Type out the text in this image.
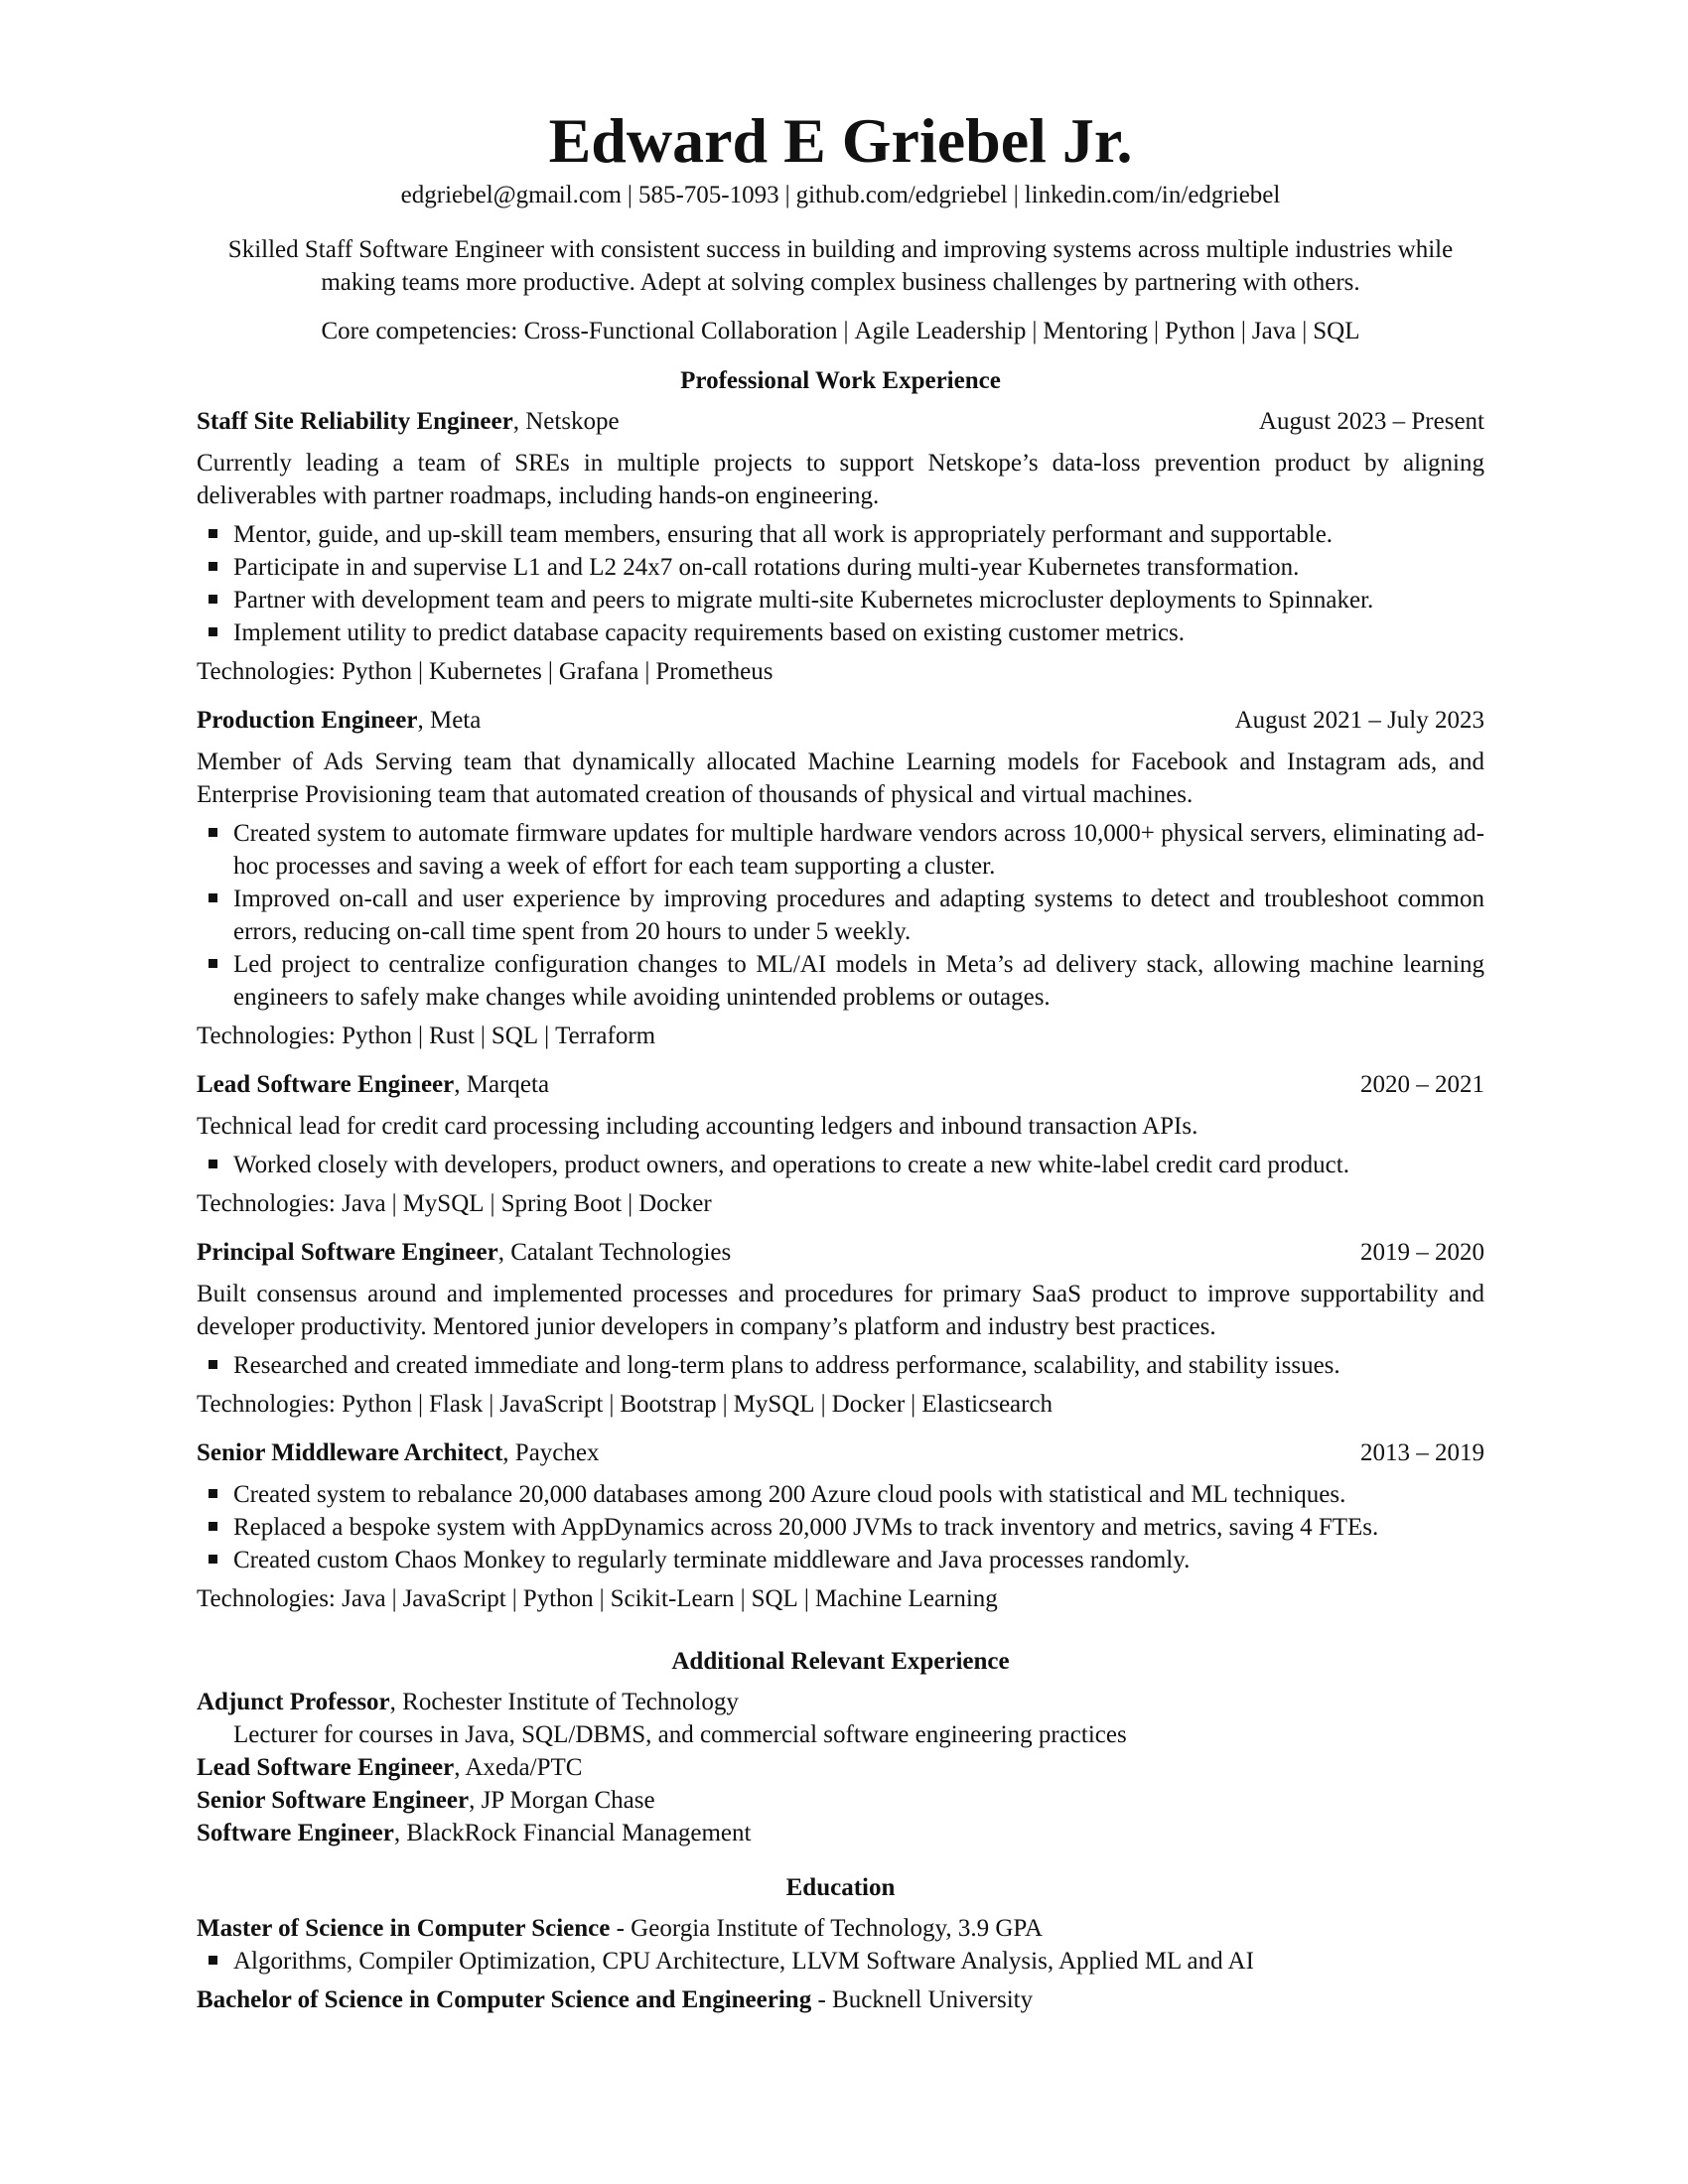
Edward E Griebel Jr.
edgriebel@gmail.com | 585-705-1093 | github.com/edgriebel | linkedin.com/in/edgriebel
Skilled Staff Software Engineer with consistent success in building and improving systems across multiple industries while making teams more productive. Adept at solving complex business challenges by partnering with others.
Core competencies: Cross-Functional Collaboration | Agile Leadership | Mentoring | Python | Java | SQL
Professional Work Experience
Staff Site Reliability Engineer, Netskope	August 2023 – Present
Currently leading a team of SREs in multiple projects to support Netskope’s data-loss prevention product by aligning deliverables with partner roadmaps, including hands-on engineering.
Mentor, guide, and up-skill team members, ensuring that all work is appropriately performant and supportable.
Participate in and supervise L1 and L2 24x7 on-call rotations during multi-year Kubernetes transformation.
Partner with development team and peers to migrate multi-site Kubernetes microcluster deployments to Spinnaker.
Implement utility to predict database capacity requirements based on existing customer metrics.
Technologies: Python | Kubernetes | Grafana | Prometheus
Production Engineer, Meta	August 2021 – July 2023
Member of Ads Serving team that dynamically allocated Machine Learning models for Facebook and Instagram ads, and Enterprise Provisioning team that automated creation of thousands of physical and virtual machines.
Created system to automate firmware updates for multiple hardware vendors across 10,000+ physical servers, eliminating ad-hoc processes and saving a week of effort for each team supporting a cluster.
Improved on-call and user experience by improving procedures and adapting systems to detect and troubleshoot common errors, reducing on-call time spent from 20 hours to under 5 weekly.
Led project to centralize configuration changes to ML/AI models in Meta’s ad delivery stack, allowing machine learning engineers to safely make changes while avoiding unintended problems or outages.
Technologies: Python | Rust | SQL | Terraform
Lead Software Engineer, Marqeta	2020 – 2021
Technical lead for credit card processing including accounting ledgers and inbound transaction APIs.
Worked closely with developers, product owners, and operations to create a new white-label credit card product.
Technologies: Java | MySQL | Spring Boot | Docker
Principal Software Engineer, Catalant Technologies	2019 – 2020
Built consensus around and implemented processes and procedures for primary SaaS product to improve supportability and developer productivity. Mentored junior developers in company’s platform and industry best practices.
Researched and created immediate and long-term plans to address performance, scalability, and stability issues.
Technologies: Python | Flask | JavaScript | Bootstrap | MySQL | Docker | Elasticsearch
Senior Middleware Architect, Paychex	2013 – 2019
Created system to rebalance 20,000 databases among 200 Azure cloud pools with statistical and ML techniques.
Replaced a bespoke system with AppDynamics across 20,000 JVMs to track inventory and metrics, saving 4 FTEs.
Created custom Chaos Monkey to regularly terminate middleware and Java processes randomly.
Technologies: Java | JavaScript | Python | Scikit-Learn | SQL | Machine Learning
Additional Relevant Experience
Adjunct Professor, Rochester Institute of Technology
Lecturer for courses in Java, SQL/DBMS, and commercial software engineering practices
Lead Software Engineer, Axeda/PTC
Senior Software Engineer, JP Morgan Chase
Software Engineer, BlackRock Financial Management
Education
Master of Science in Computer Science - Georgia Institute of Technology, 3.9 GPA
Algorithms, Compiler Optimization, CPU Architecture, LLVM Software Analysis, Applied ML and AI
Bachelor of Science in Computer Science and Engineering - Bucknell University
